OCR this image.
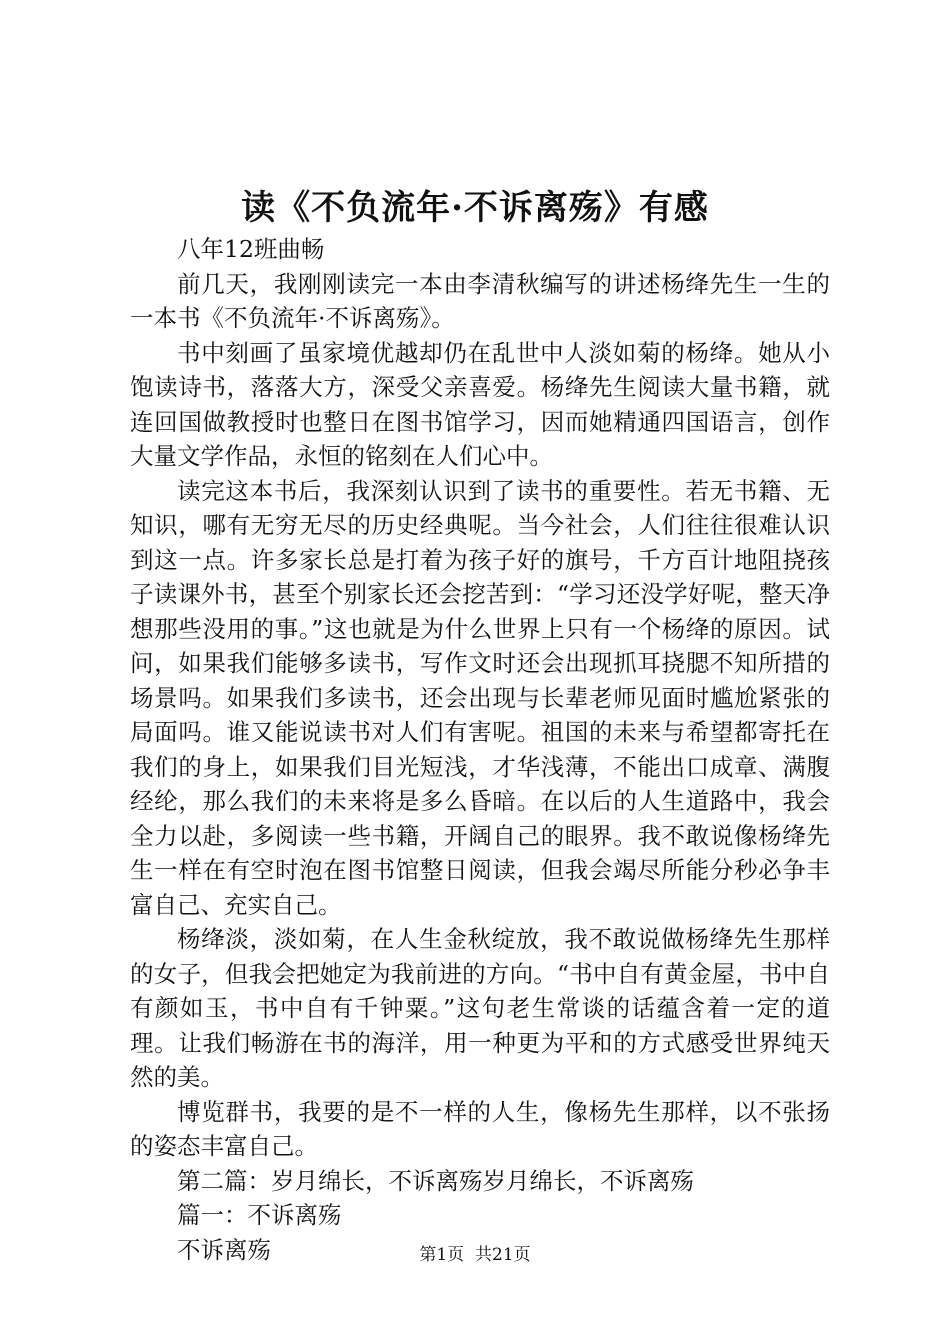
读《不负流年·不诉离殇》有感

八年12班曲畅

前几天，我刚刚读完一本由李清秋编写的讲述杨绛先生一生的一本书《不负流年·不诉离殇》。

书中刻画了虽家境优越却仍在乱世中人淡如菊的杨绛。她从小饱读诗书，落落大方，深受父亲喜爱。杨绛先生阅读大量书籍，就连回国做教授时也整日在图书馆学习，因而她精通四国语言，创作大量文学作品，永恒的铭刻在人们心中。

读完这本书后，我深刻认识到了读书的重要性。若无书籍、无知识，哪有无穷无尽的历史经典呢。当今社会，人们往往很难认识到这一点。许多家长总是打着为孩子好的旗号，千方百计地阻挠孩子读课外书，甚至个别家长还会挖苦到：“学习还没学好呢，整天净想那些没用的事。”这也就是为什么世界上只有一个杨绛的原因。试问，如果我们能够多读书，写作文时还会出现抓耳挠腮不知所措的场景吗。如果我们多读书，还会出现与长辈老师见面时尴尬紧张的局面吗。谁又能说读书对人们有害呢。祖国的未来与希望都寄托在我们的身上，如果我们目光短浅，才华浅薄，不能出口成章、满腹经纶，那么我们的未来将是多么昏暗。在以后的人生道路中，我会全力以赴，多阅读一些书籍，开阔自己的眼界。我不敢说像杨绛先生一样在有空时泡在图书馆整日阅读，但我会竭尽所能分秒必争丰富自己、充实自己。

杨绛淡，淡如菊，在人生金秋绽放，我不敢说做杨绛先生那样的女子，但我会把她定为我前进的方向。“书中自有黄金屋，书中自有颜如玉，书中自有千钟粟。”这句老生常谈的话蕴含着一定的道理。让我们畅游在书的海洋，用一种更为平和的方式感受世界纯天然的美。

博览群书，我要的是不一样的人生，像杨先生那样，以不张扬的姿态丰富自己。

第二篇：岁月绵长，不诉离殇岁月绵长，不诉离殇

篇一：不诉离殇

不诉离殇	第1页 共21页
